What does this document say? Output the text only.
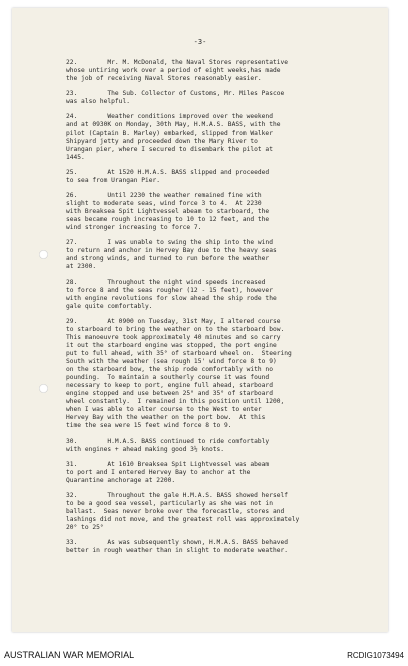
-3-
22.        Mr. M. McDonald, the Naval Stores representative
whose untiring work over a period of eight weeks,has made
the job of receiving Naval Stores reasonably easier.
23.        The Sub. Collector of Customs, Mr. Miles Pascoe
was also helpful.
24.        Weather conditions improved over the weekend
and at 0930K on Monday, 30th May, H.M.A.S. BASS, with the
pilot (Captain B. Marley) embarked, slipped from Walker
Shipyard jetty and proceeded down the Mary River to
Urangan pier, where I secured to disembark the pilot at
1445.
25.        At 1520 H.M.A.S. BASS slipped and proceeded
to sea from Urangan Pier.
26.        Until 2230 the weather remained fine with
slight to moderate seas, wind force 3 to 4.  At 2230
with Breaksea Spit Lightvessel abeam to starboard, the
seas became rough increasing to 10 to 12 feet, and the
wind stronger increasing to force 7.
27.        I was unable to swing the ship into the wind
to return and anchor in Hervey Bay due to the heavy seas
and strong winds, and turned to run before the weather
at 2300.
28.        Throughout the night wind speeds increased
to force 8 and the seas rougher (12 - 15 feet), however
with engine revolutions for slow ahead the ship rode the
gale quite comfortably.
29.        At 0900 on Tuesday, 31st May, I altered course
to starboard to bring the weather on to the starboard bow.
This manoeuvre took approximately 40 minutes and so carry
it out the starboard engine was stopped, the port engine
put to full ahead, with 35° of starboard wheel on.  Steering
South with the weather (sea rough 15' wind force 8 to 9)
on the starboard bow, the ship rode comfortably with no
pounding.  To maintain a southerly course it was found
necessary to keep to port, engine full ahead, starboard
engine stopped and use between 25° and 35° of starboard
wheel constantly.  I remained in this position until 1200,
when I was able to alter course to the West to enter
Hervey Bay with the weather on the port bow.  At this
time the sea were 15 feet wind force 8 to 9.
30.        H.M.A.S. BASS continued to ride comfortably
with engines + ahead making good 3½ knots.
31.        At 1610 Breaksea Spit Lightvessel was abeam
to port and I entered Hervey Bay to anchor at the
Quarantine anchorage at 2200.
32.        Throughout the gale H.M.A.S. BASS showed herself
to be a good sea vessel, particularly as she was not in
ballast.  Seas never broke over the forecastle, stores and
lashings did not move, and the greatest roll was approximately
20° to 25°
33.        As was subsequently shown, H.M.A.S. BASS behaved
better in rough weather than in slight to moderate weather.
AUSTRALIAN WAR MEMORIAL	RCDIG1073494
